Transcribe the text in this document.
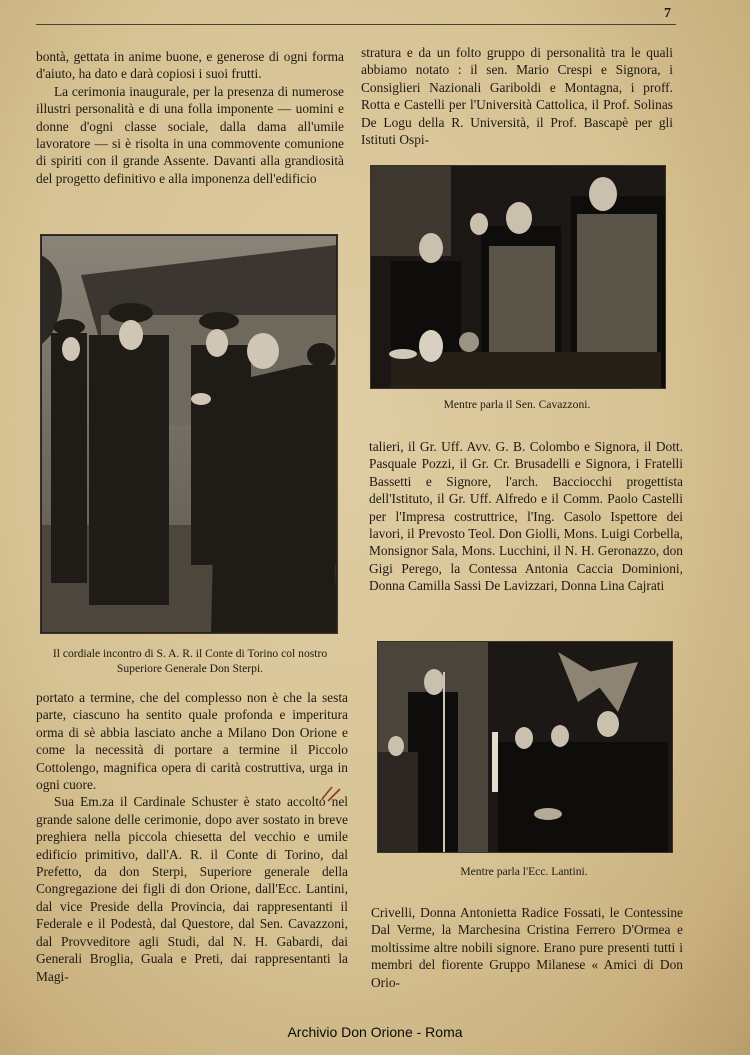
7

bontà, gettata in anime buone, e generose di ogni forma d'aiuto, ha dato e darà copiosi i suoi frutti.

La cerimonia inaugurale, per la presenza di numerose illustri personalità e di una folla imponente — uomini e donne d'ogni classe sociale, dalla dama all'umile lavoratore — si è risolta in una commovente comunione di spiriti con il grande Assente. Davanti alla grandiosità del progetto definitivo e alla imponenza dell'edificio

Il cordiale incontro di S. A. R. il Conte di Torino col nostro Superiore Generale Don Sterpi.

portato a termine, che del complesso non è che la sesta parte, ciascuno ha sentito quale profonda e imperitura orma di sè abbia lasciato anche a Milano Don Orione e come la necessità di portare a termine il Piccolo Cottolengo, magnifica opera di carità costruttiva, urga in ogni cuore.

Sua Em.za il Cardinale Schuster è stato accolto nel grande salone delle cerimonie, dopo aver sostato in breve preghiera nella piccola chiesetta del vecchio e umile edificio primitivo, dall'A. R. il Conte di Torino, dal Prefetto, da don Sterpi, Superiore generale della Congregazione dei figli di don Orione, dall'Ecc. Lantini, dal vice Preside della Provincia, dai rappresentanti il Federale e il Podestà, dal Questore, dal Sen. Cavazzoni, dal Provveditore agli Studi, dal N. H. Gabardi, dai Generali Broglia, Guala e Preti, dai rappresentanti la Magi-

stratura e da un folto gruppo di personalità tra le quali abbiamo notato : il sen. Mario Crespi e Signora, i Consiglieri Nazionali Gariboldi e Montagna, i proff. Rotta e Castelli per l'Università Cattolica, il Prof. Solinas De Logu della R. Università, il Prof. Bascapè per gli Istituti Ospi-

Mentre parla il Sen. Cavazzoni.

talieri, il Gr. Uff. Avv. G. B. Colombo e Signora, il Dott. Pasquale Pozzi, il Gr. Cr. Brusadelli e Signora, i Fratelli Bassetti e Signore, l'arch. Bacciocchi progettista dell'Istituto, il Gr. Uff. Alfredo e il Comm. Paolo Castelli per l'Impresa costruttrice, l'Ing. Casolo Ispettore dei lavori, il Prevosto Teol. Don Giolli, Mons. Luigi Corbella, Monsignor Sala, Mons. Lucchini, il N. H. Geronazzo, don Gigi Perego, la Contessa Antonia Caccia Dominioni, Donna Camilla Sassi De Lavizzari, Donna Lina Cajrati

Mentre parla l'Ecc. Lantini.

Crivelli, Donna Antonietta Radice Fossati, le Contessine Dal Verme, la Marchesina Cristina Ferrero D'Ormea e moltissime altre nobili signore. Erano pure presenti tutti i membri del fiorente Gruppo Milanese « Amici di Don Orio-

Archivio Don Orione - Roma
